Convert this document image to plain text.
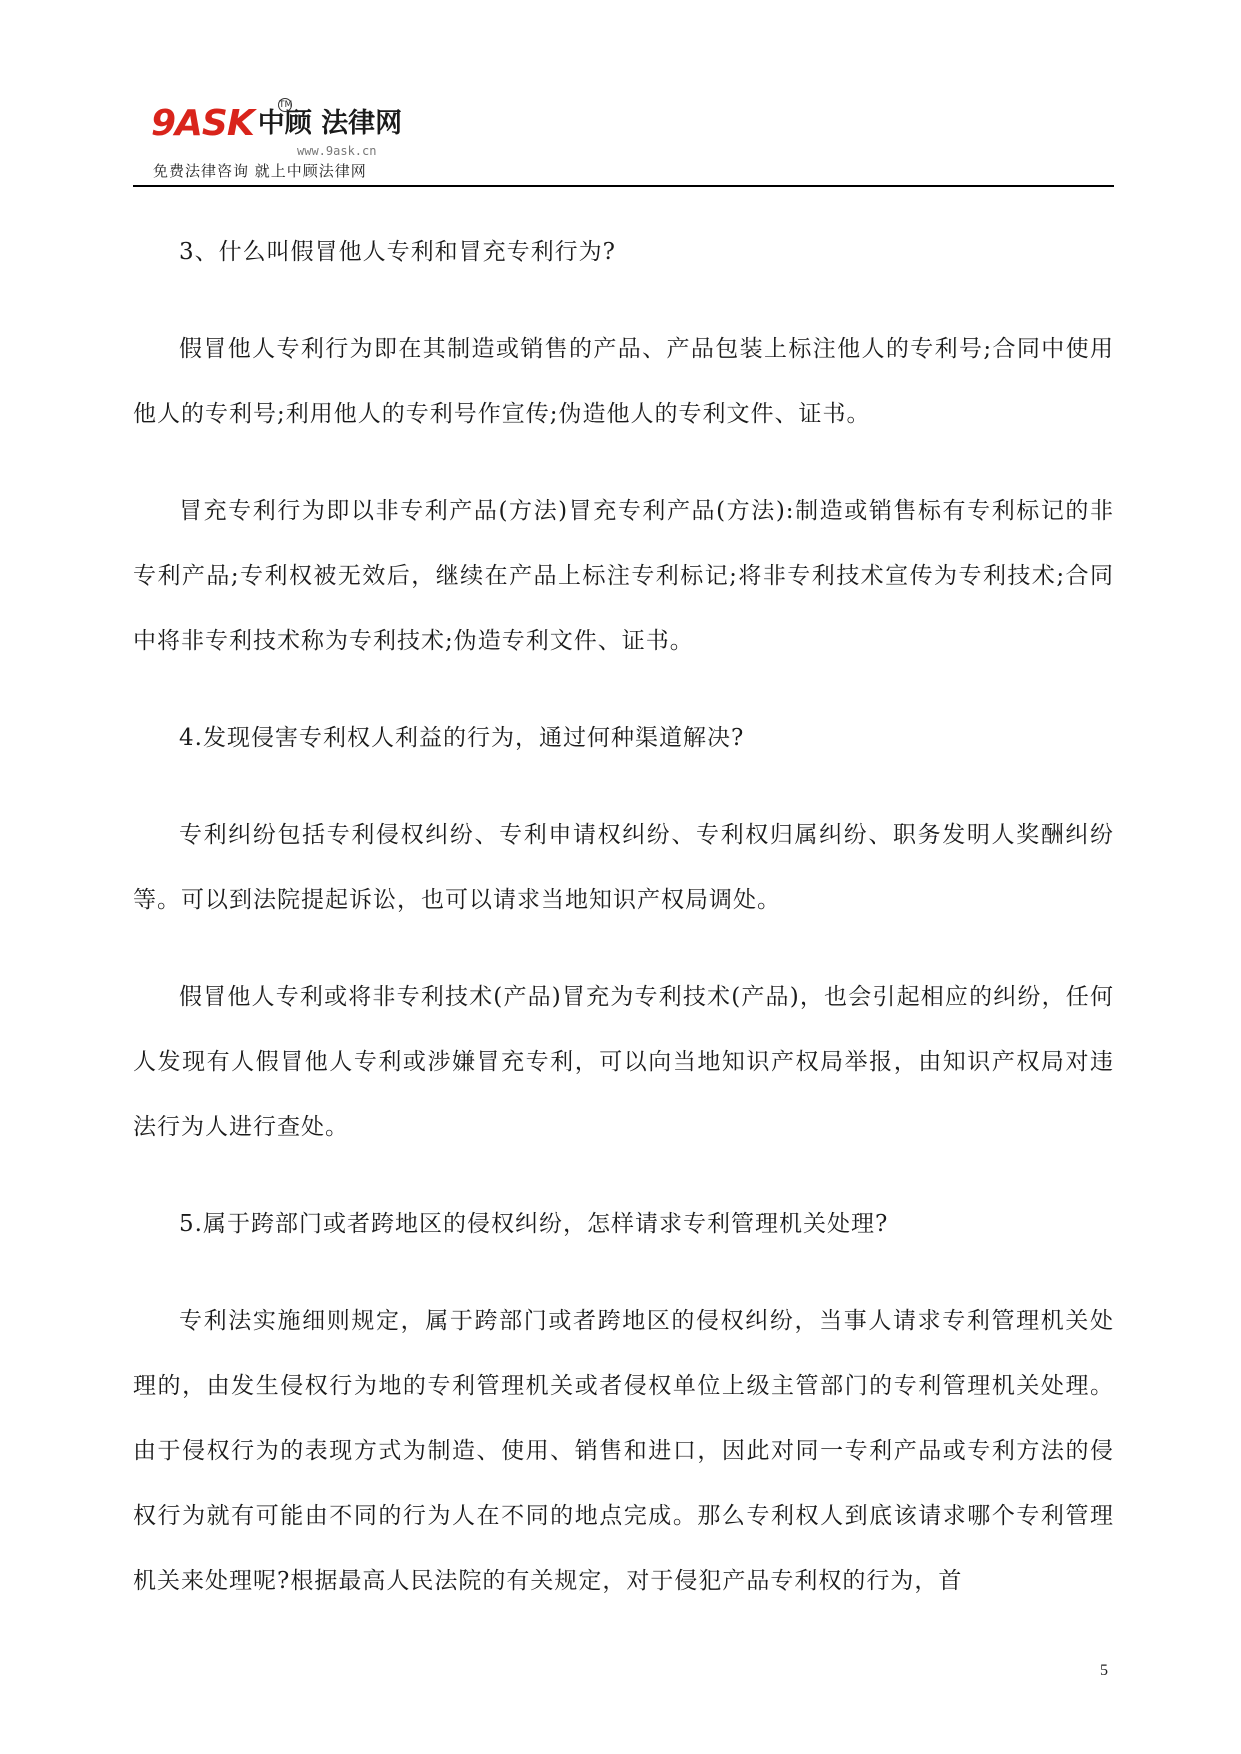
9ASK 中顾 法律网
TM
www.9ask.cn
免费法律咨询 就上中顾法律网

3、什么叫假冒他人专利和冒充专利行为?

假冒他人专利行为即在其制造或销售的产品、产品包装上标注他人的专利号;合同中使用他人的专利号;利用他人的专利号作宣传;伪造他人的专利文件、证书。

冒充专利行为即以非专利产品(方法)冒充专利产品(方法):制造或销售标有专利标记的非专利产品;专利权被无效后，继续在产品上标注专利标记;将非专利技术宣传为专利技术;合同中将非专利技术称为专利技术;伪造专利文件、证书。

4.发现侵害专利权人利益的行为，通过何种渠道解决?

专利纠纷包括专利侵权纠纷、专利申请权纠纷、专利权归属纠纷、职务发明人奖酬纠纷等。可以到法院提起诉讼，也可以请求当地知识产权局调处。

假冒他人专利或将非专利技术(产品)冒充为专利技术(产品)，也会引起相应的纠纷，任何人发现有人假冒他人专利或涉嫌冒充专利，可以向当地知识产权局举报，由知识产权局对违法行为人进行查处。

5.属于跨部门或者跨地区的侵权纠纷，怎样请求专利管理机关处理?

专利法实施细则规定，属于跨部门或者跨地区的侵权纠纷，当事人请求专利管理机关处理的，由发生侵权行为地的专利管理机关或者侵权单位上级主管部门的专利管理机关处理。由于侵权行为的表现方式为制造、使用、销售和进口，因此对同一专利产品或专利方法的侵权行为就有可能由不同的行为人在不同的地点完成。那么专利权人到底该请求哪个专利管理机关来处理呢?根据最高人民法院的有关规定，对于侵犯产品专利权的行为，首

5
